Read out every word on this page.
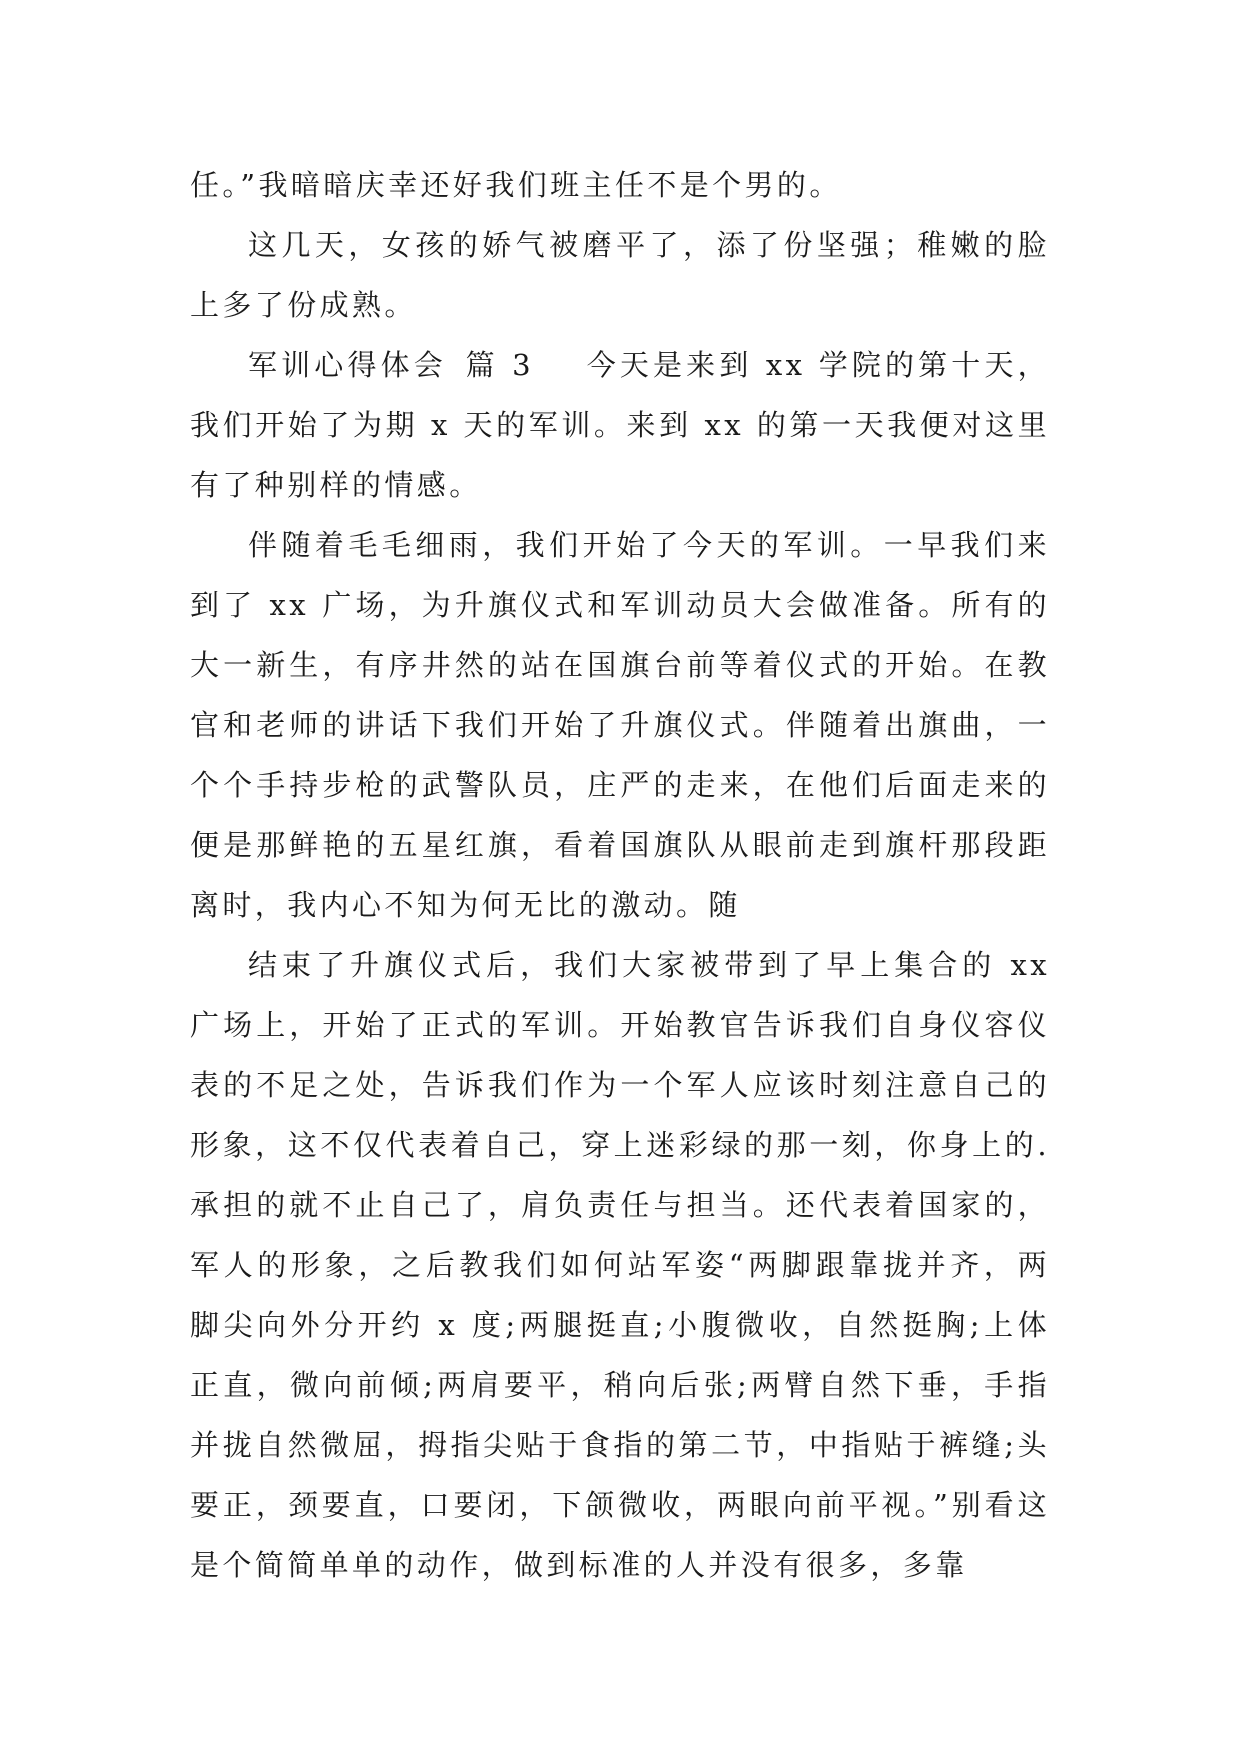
任。”我暗暗庆幸还好我们班主任不是个男的。

这几天，女孩的娇气被磨平了，添了份坚强；稚嫩的脸上多了份成熟。

军训心得体会 篇 3 今天是来到 xx 学院的第十天，我们开始了为期 x 天的军训。来到 xx 的第一天我便对这里有了种别样的情感。

伴随着毛毛细雨，我们开始了今天的军训。一早我们来到了 xx 广场，为升旗仪式和军训动员大会做准备。所有的大一新生，有序井然的站在国旗台前等着仪式的开始。在教官和老师的讲话下我们开始了升旗仪式。伴随着出旗曲，一个个手持步枪的武警队员，庄严的走来，在他们后面走来的便是那鲜艳的五星红旗，看着国旗队从眼前走到旗杆那段距离时，我内心不知为何无比的激动。随

结束了升旗仪式后，我们大家被带到了早上集合的 xx 广场上，开始了正式的军训。开始教官告诉我们自身仪容仪表的不足之处，告诉我们作为一个军人应该时刻注意自己的形象，这不仅代表着自己，穿上迷彩绿的那一刻，你身上的.承担的就不止自己了，肩负责任与担当。还代表着国家的，军人的形象，之后教我们如何站军姿“两脚跟靠拢并齐，两脚尖向外分开约 x 度;两腿挺直;小腹微收，自然挺胸;上体正直，微向前倾;两肩要平，稍向后张;两臂自然下垂，手指并拢自然微屈，拇指尖贴于食指的第二节，中指贴于裤缝;头要正，颈要直，口要闭，下颌微收，两眼向前平视。”别看这是个简简单单的动作，做到标准的人并没有很多，多靠
